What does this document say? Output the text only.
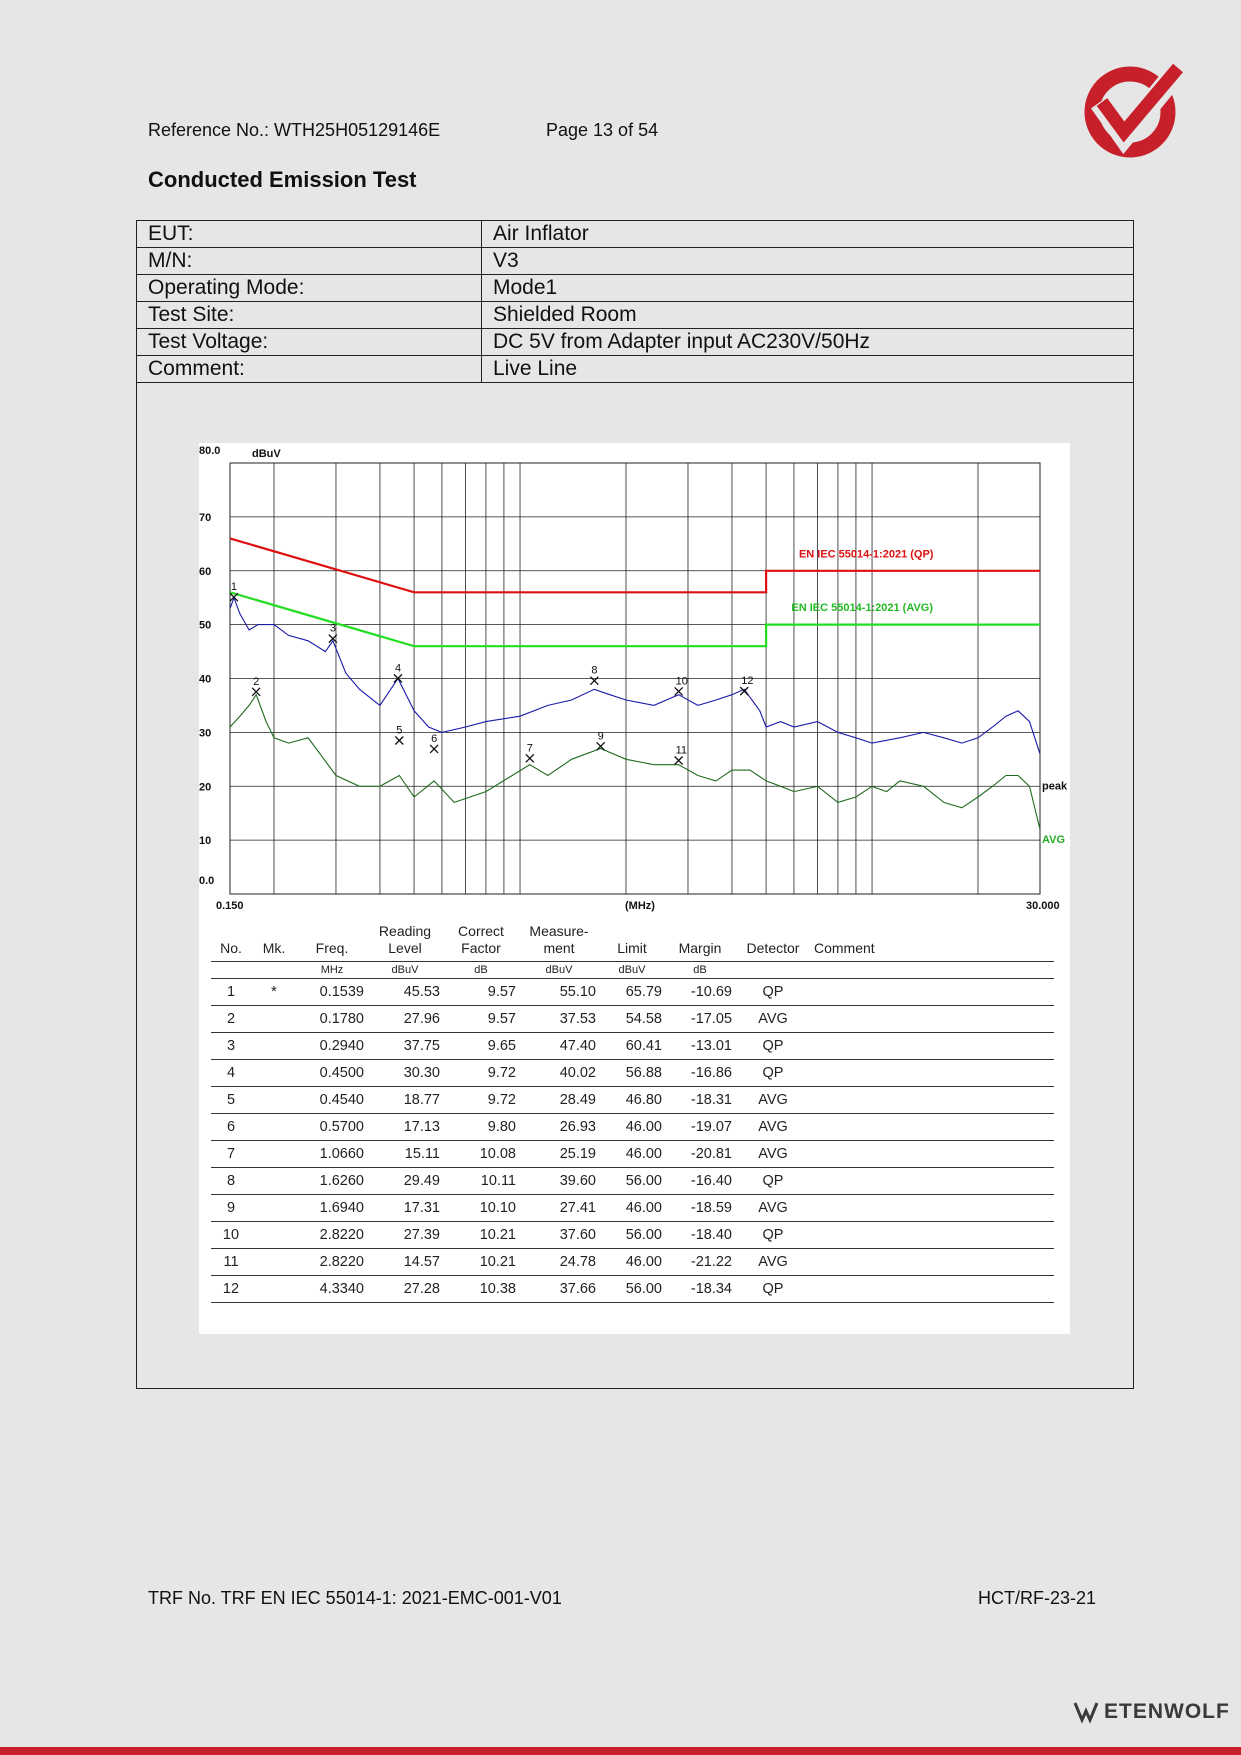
Reference No.: WTH25H05129146E	Page 13 of 54
Conducted Emission Test
EUT:	Air Inflator
M/N:	V3
Operating Mode:	Mode1
Test Site:	Shielded Room
Test Voltage:	DC 5V from Adapter input AC230V/50Hz
Comment:	Live Line
0.0
10
20
30
40
50
60
70
80.0	dBuV
0.150	(MHz)	30.000
EN IEC 55014-1:2021 (QP)
EN IEC 55014-1:2021 (AVG)
peak
AVG
1
2
3
4
5
6
7
8
9
10
11
12
No.	Mk.	Freq.	Reading Level	Correct Factor	Measure-ment	Limit	Margin	Detector	Comment
		MHz	dBuV	dB	dBuV	dBuV	dB		
1	*	0.1539	45.53	9.57	55.10	65.79	-10.69	QP	
2		0.1780	27.96	9.57	37.53	54.58	-17.05	AVG	
3		0.2940	37.75	9.65	47.40	60.41	-13.01	QP	
4		0.4500	30.30	9.72	40.02	56.88	-16.86	QP	
5		0.4540	18.77	9.72	28.49	46.80	-18.31	AVG	
6		0.5700	17.13	9.80	26.93	46.00	-19.07	AVG	
7		1.0660	15.11	10.08	25.19	46.00	-20.81	AVG	
8		1.6260	29.49	10.11	39.60	56.00	-16.40	QP	
9		1.6940	17.31	10.10	27.41	46.00	-18.59	AVG	
10		2.8220	27.39	10.21	37.60	56.00	-18.40	QP	
11		2.8220	14.57	10.21	24.78	46.00	-21.22	AVG	
12		4.3340	27.28	10.38	37.66	56.00	-18.34	QP	
TRF No. TRF EN IEC 55014-1: 2021-EMC-001-V01	HCT/RF-23-21
ETENWOLF
